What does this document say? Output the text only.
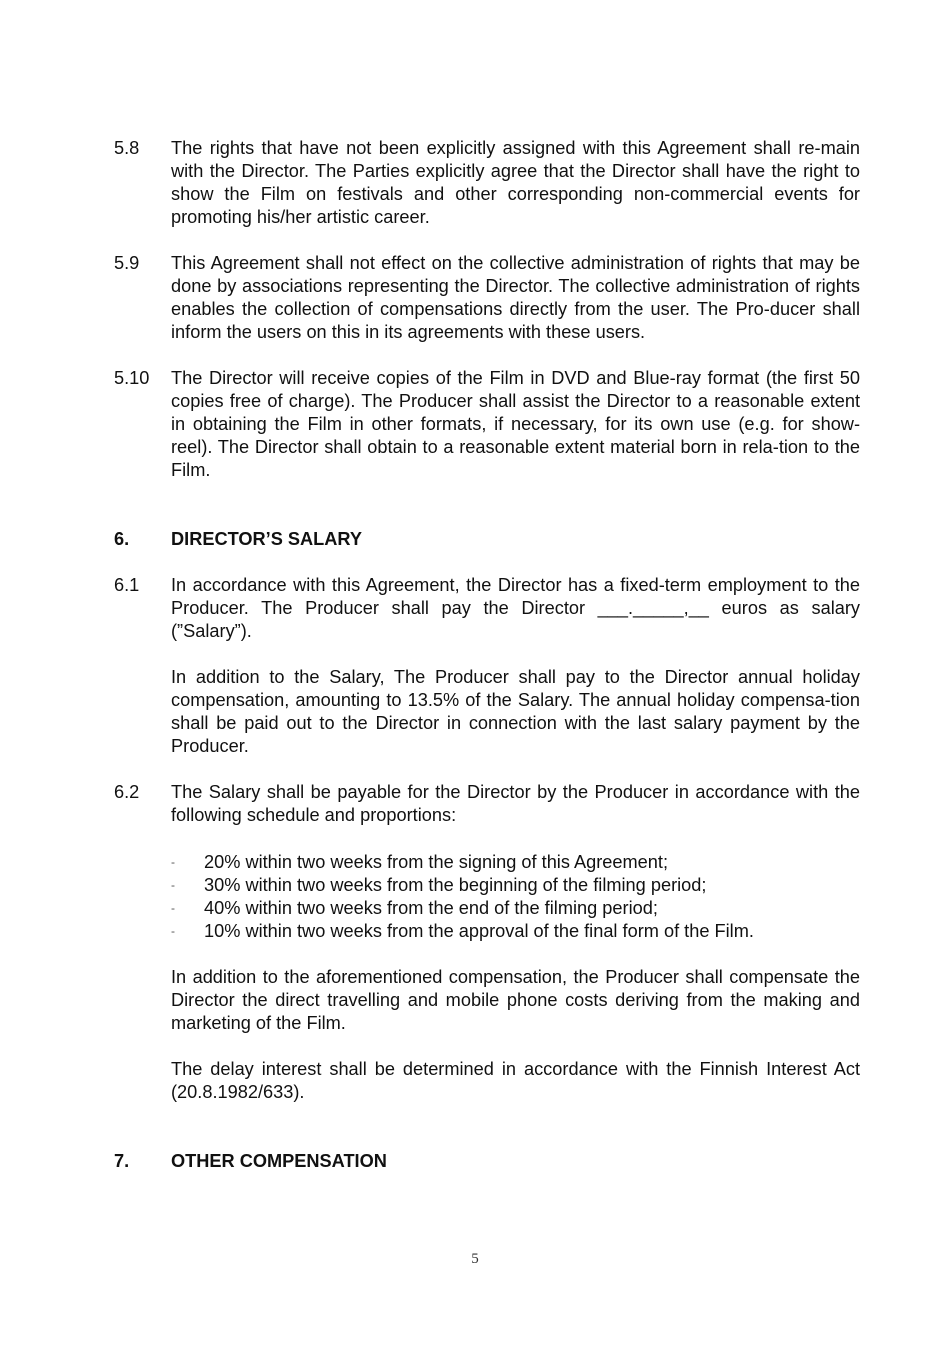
5.8	The rights that have not been explicitly assigned with this Agreement shall re-main with the Director. The Parties explicitly agree that the Director shall have the right to show the Film on festivals and other corresponding non-commercial events for promoting his/her artistic career.
5.9	This Agreement shall not effect on the collective administration of rights that may be done by associations representing the Director. The collective administration of rights enables the collection of compensations directly from the user. The Pro-ducer shall inform the users on this in its agreements with these users.
5.10	The Director will receive copies of the Film in DVD and Blue-ray format (the first 50 copies free of charge). The Producer shall assist the Director to a reasonable extent in obtaining the Film in other formats, if necessary, for its own use (e.g. for show-reel). The Director shall obtain to a reasonable extent material born in rela-tion to the Film.
6.	DIRECTOR’S SALARY
6.1	In accordance with this Agreement, the Director has a fixed-term employment to the Producer. The Producer shall pay the Director ___._____,__ euros as salary (”Salary”).
In addition to the Salary, The Producer shall pay to the Director annual holiday compensation, amounting to 13.5% of the Salary. The annual holiday compensa-tion shall be paid out to the Director in connection with the last salary payment by the Producer.
6.2	The Salary shall be payable for the Director by the Producer in accordance with the following schedule and proportions:
-	20% within two weeks from the signing of this Agreement;
-	30% within two weeks from the beginning of the filming period;
-	40% within two weeks from the end of the filming period;
-	10% within two weeks from the approval of the final form of the Film.
In addition to the aforementioned compensation, the Producer shall compensate the Director the direct travelling and mobile phone costs deriving from the making and marketing of the Film.
The delay interest shall be determined in accordance with the Finnish Interest Act (20.8.1982/633).
7.	OTHER COMPENSATION
5
